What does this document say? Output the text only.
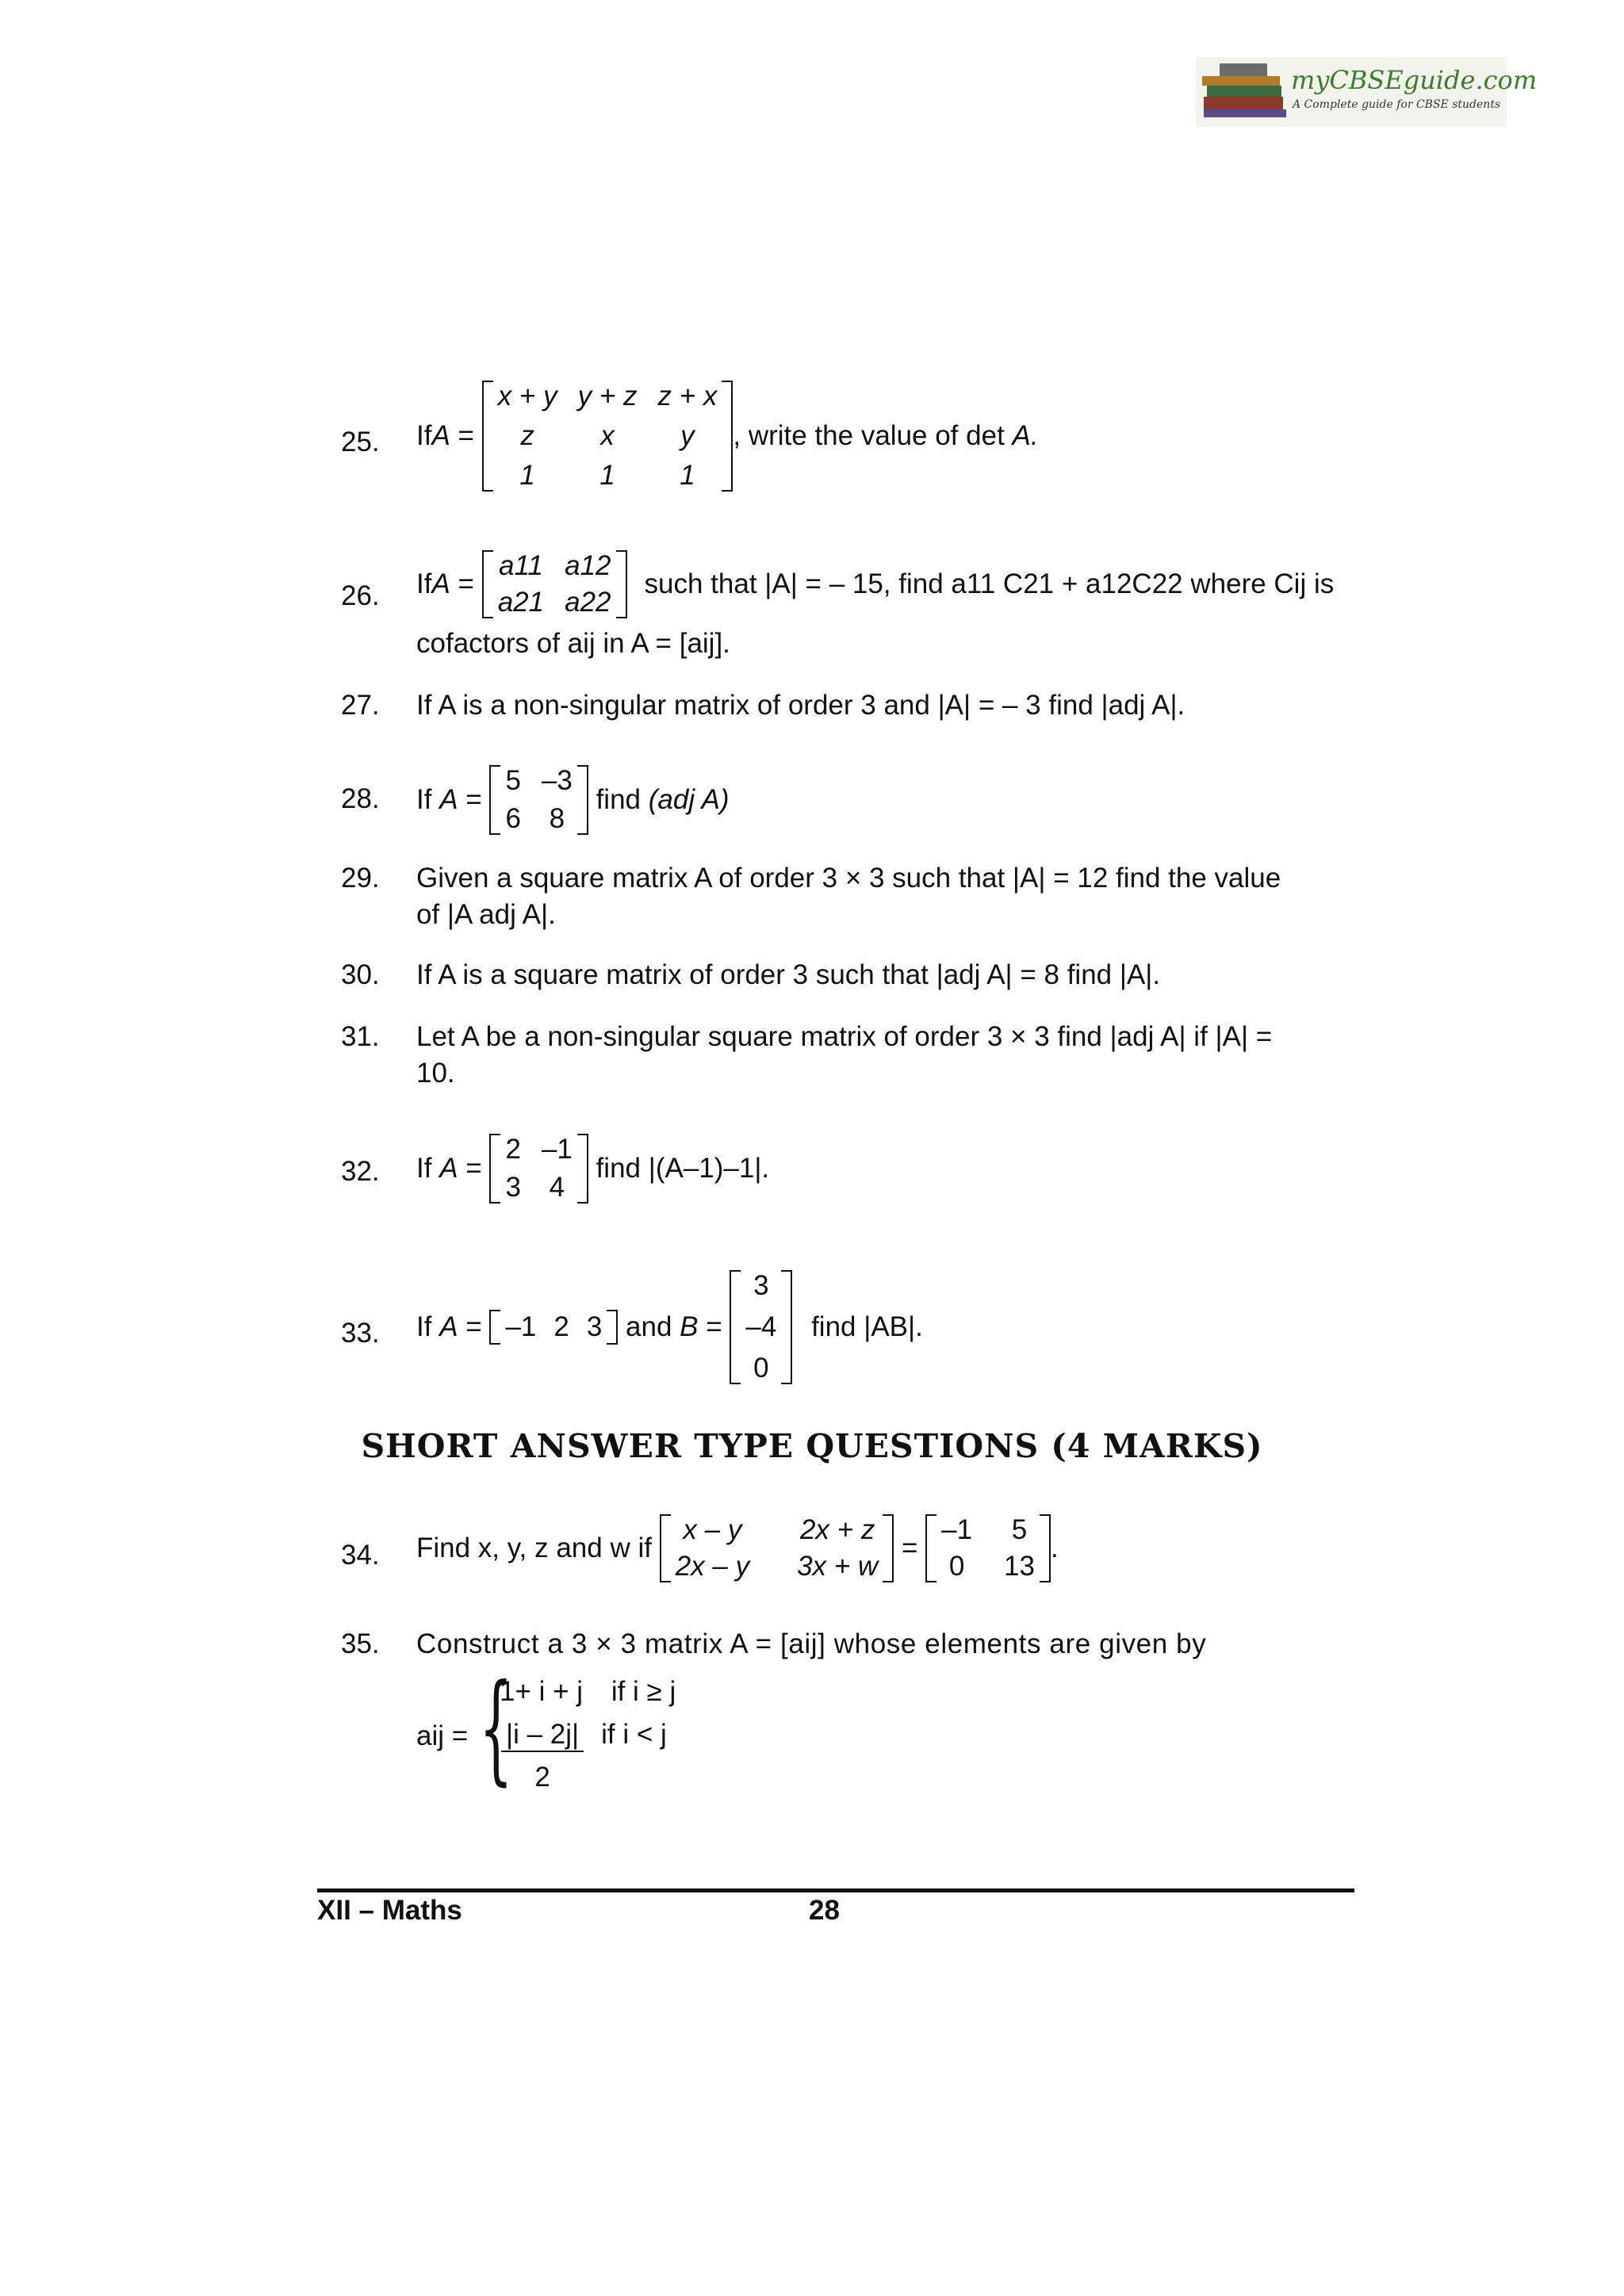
myCBSEguide.com
A Complete guide for CBSE students
25. If A =
x + y y + z z + x
z x y
1 1 1
, write the value of det A.
26. If A =
a11 a12
a21 a22
such that |A| = – 15, find a11 C21 + a12C22 where Cij is
cofactors of aij in A = [aij].
27. If A is a non-singular matrix of order 3 and |A| = – 3 find |adj A|.
28. If A =
5 –3
6 8
find (adj A)
29. Given a square matrix A of order 3 × 3 such that |A| = 12 find the value
of |A adj A|.
30. If A is a square matrix of order 3 such that |adj A| = 8 find |A|.
31. Let A be a non-singular square matrix of order 3 × 3 find |adj A| if |A| =
10.
32. If A =
2 –1
3 4
find |(A–1)–1|.
33. If A = –1 2 3 and B =
3
–4
0
find |AB|.
SHORT ANSWER TYPE QUESTIONS (4 MARKS)
34. Find x, y, z and w if
x – y 2x + z
2x – y 3x + w
=
–1 5
0 13
.
35. Construct a 3 × 3 matrix A = [aij] whose elements are given by
aij = {
1+ i + j if i ≥ j
$\frac{|i - 2j|}{2}$ if i < j
XII – Maths	28
